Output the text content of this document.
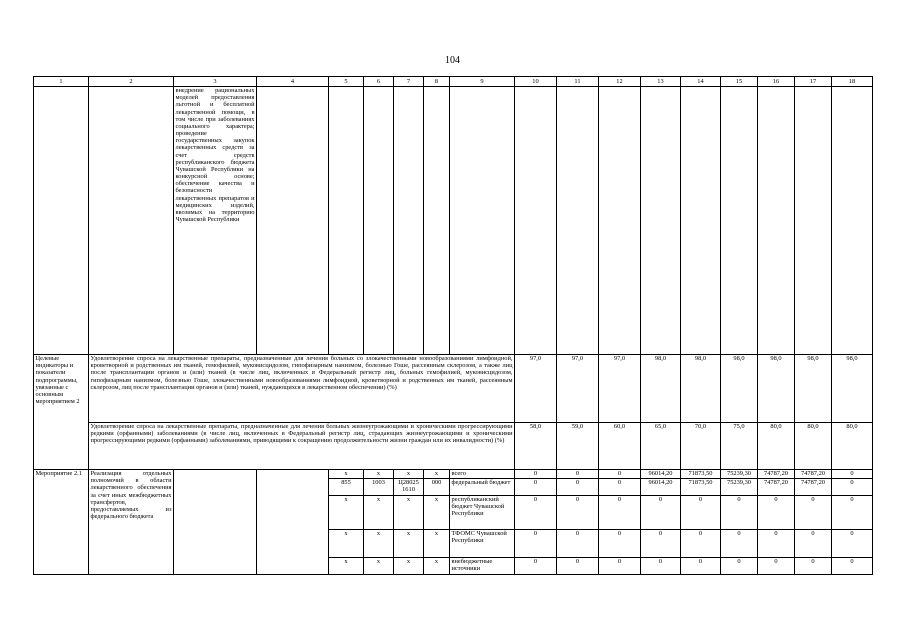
104
1	2	3	4	5	6	7	8	9	10	11	12	13	14	15	16	17	18
		внедрение рациональных моделей предоставления льготной и бесплатной лекарственной помощи, в том числе при заболеваниях социального характера; проведение государственных закупок лекарственных средств за счет средств республиканского бюджета Чувашской Республики на конкурсной основе; обеспечение качества и безопасности лекарственных препаратов и медицинских изделий, ввозимых на территорию Чувашской Республики															
Целевые индикаторы и показатели подпрограммы, увязанные с основным мероприятием 2	Удовлетворение спроса на лекарственные препараты, предназначенные для лечения больных со злокачественными новообразованиями лимфоидной, кроветворной и родственных им тканей, гемофилией, муковисцидозом, гипофизарным нанизмом, болезнью Гоше, рассеянным склерозом, а также лиц после трансплантации органов и (или) тканей (в числе лиц, включенных в Федеральный регистр лиц, больных гемофилией, муковисцидозом, гипофизарным нанизмом, болезнью Гоше, злокачественными новообразованиями лимфоидной, кроветворной и родственных им тканей, рассеянным склерозом, лиц после трансплантации органов и (или) тканей, нуждающихся в лекарственном обеспечении) (%)								97,0	97,0	97,0	98,0	98,0	98,0	98,0	98,0	98,0
	Удовлетворение спроса на лекарственные препараты, предназначенные для лечения больных жизнеугрожающими и хроническими прогрессирующими редкими (орфанными) заболеваниями (в числе лиц, включенных в Федеральный регистр лиц, страдающих жизнеугрожающими и хроническими прогрессирующими редкими (орфанными) заболеваниями, приводящими к сокращению продолжительности жизни граждан или их инвалидности) (%)								58,0	59,0	60,0	65,0	70,0	75,0	80,0	80,0	80,0
Мероприятие 2.1	Реализация отдельных полномочий в области лекарственного обеспечения за счет иных межбюджетных трансфертов, предоставляемых из федерального бюджета			x	x	x	x	всего	0	0	0	96014,20	71873,50	75239,30	74787,20	74787,20	0
				855	1003	Ц28025 1610	000	федеральный бюджет	0	0	0	96014,20	71873,50	75239,30	74787,20	74787,20	0
				x	x	x	x	республиканский бюджет Чувашской Республики	0	0	0	0	0	0	0	0	0
				x	x	x	x	ТФОМС Чувашской Республики	0	0	0	0	0	0	0	0	0
				x	x	x	x	внебюджетные источники	0	0	0	0	0	0	0	0	0
